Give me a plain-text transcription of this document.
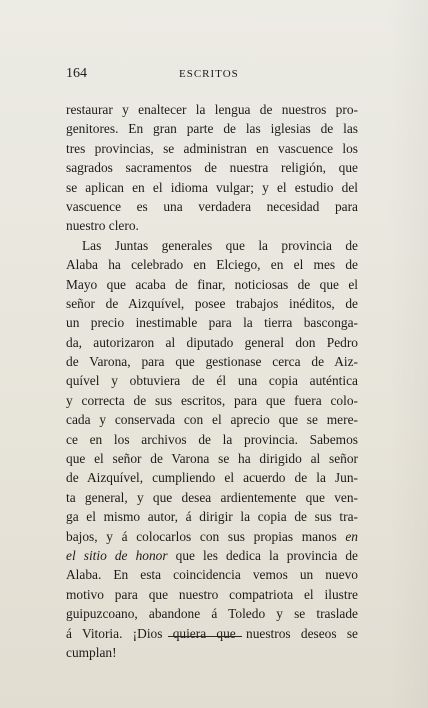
164	ESCRITOS
restaurar y enaltecer la lengua de nuestros pro-
genitores. En gran parte de las iglesias de las
tres provincias, se administran en vascuence los
sagrados sacramentos de nuestra religión, que
se aplican en el idioma vulgar; y el estudio del
vascuence es una verdadera necesidad para
nuestro clero.
Las Juntas generales que la provincia de
Alaba ha celebrado en Elciego, en el mes de
Mayo que acaba de finar, noticiosas de que el
señor de Aizquível, posee trabajos inéditos, de
un precio inestimable para la tierra basconga-
da, autorizaron al diputado general don Pedro
de Varona, para que gestionase cerca de Aiz-
quível y obtuviera de él una copia auténtica
y correcta de sus escritos, para que fuera colo-
cada y conservada con el aprecio que se mere-
ce en los archivos de la provincia. Sabemos
que el señor de Varona se ha dirigido al señor
de Aizquível, cumpliendo el acuerdo de la Jun-
ta general, y que desea ardientemente que ven-
ga el mismo autor, á dirigir la copia de sus tra-
bajos, y á colocarlos con sus propias manos en
el sitio de honor que les dedica la provincia de
Alaba. En esta coincidencia vemos un nuevo
motivo para que nuestro compatriota el ilustre
guipuzcoano, abandone á Toledo y se traslade
á Vitoria. ¡Dios quiera que nuestros deseos se
cumplan!
